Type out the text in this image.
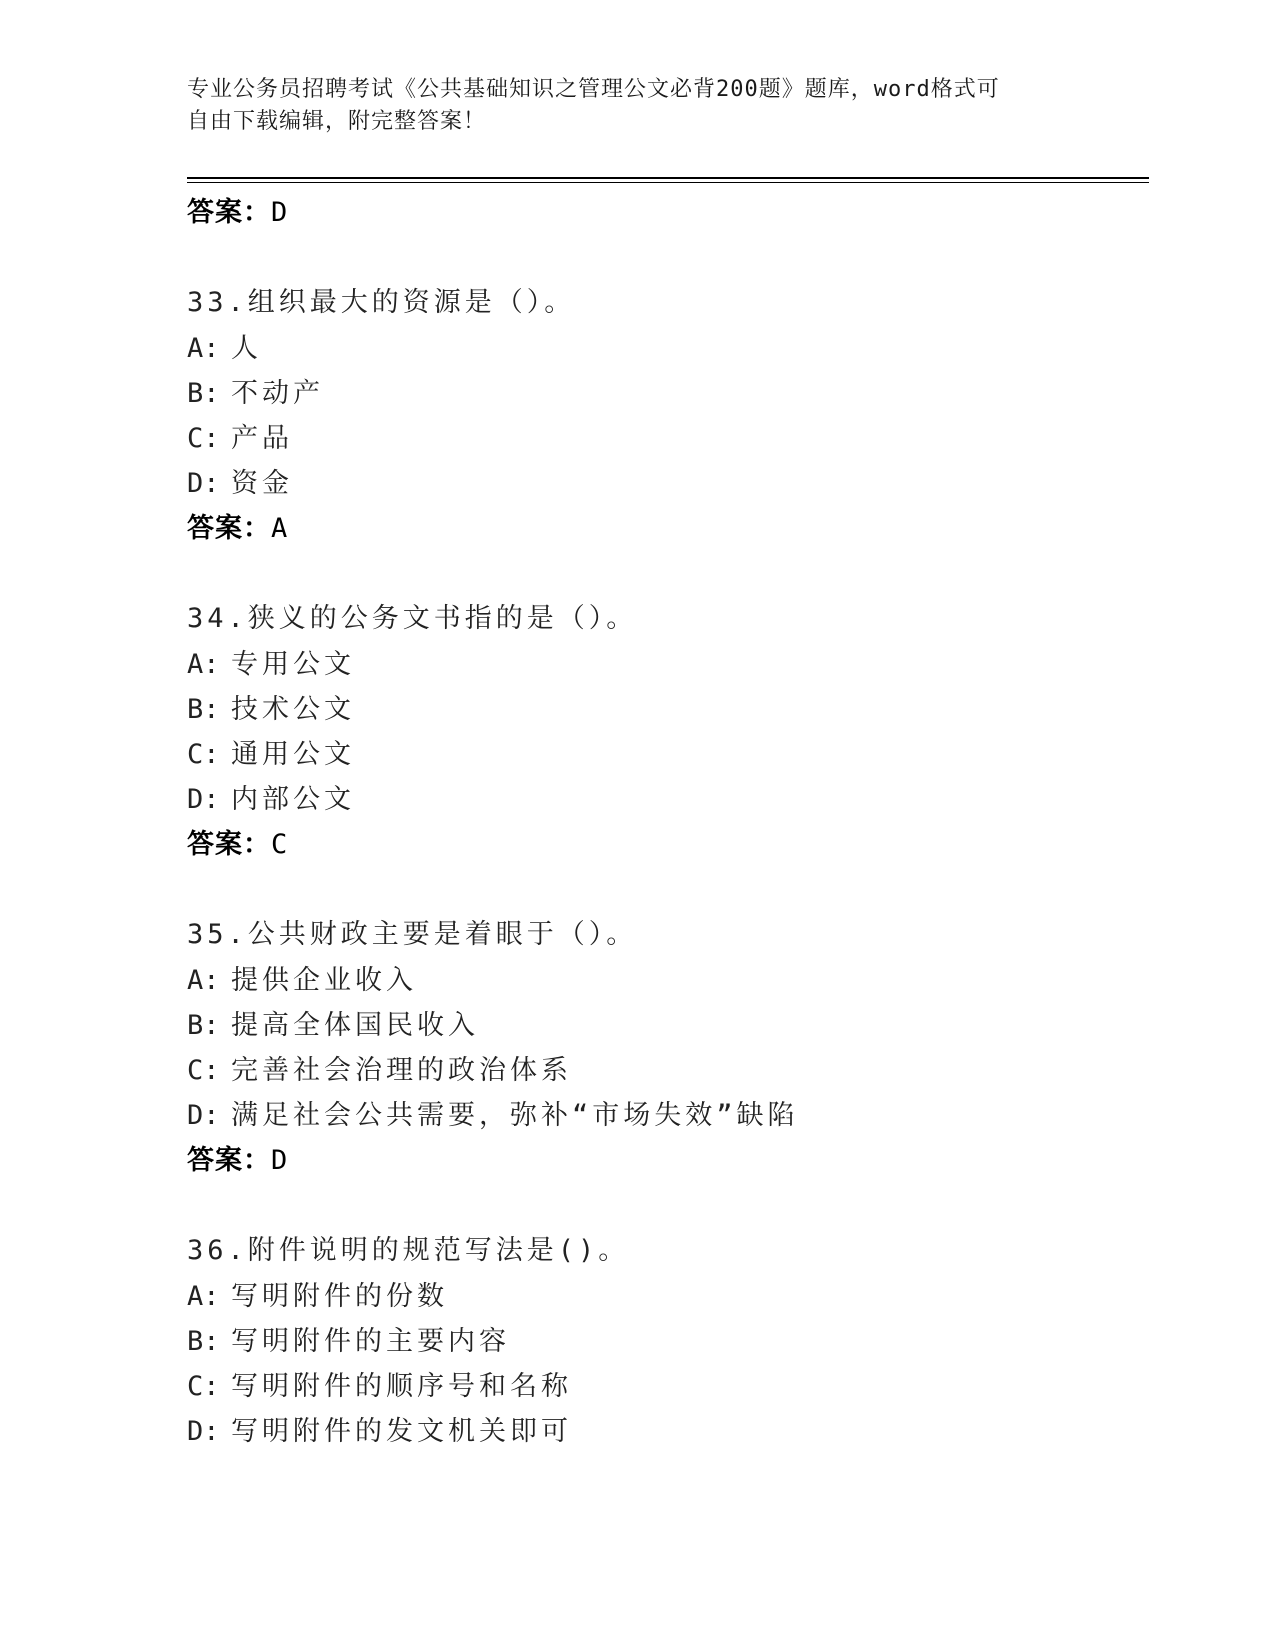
专业公务员招聘考试《公共基础知识之管理公文必背200题》题库，word格式可
自由下载编辑，附完整答案！
答案：D
33.组织最大的资源是（）。
A: 人
B: 不动产
C: 产品
D: 资金
答案：A
34.狭义的公务文书指的是（）。
A: 专用公文
B: 技术公文
C: 通用公文
D: 内部公文
答案：C
35.公共财政主要是着眼于（）。
A: 提供企业收入
B: 提高全体国民收入
C: 完善社会治理的政治体系
D: 满足社会公共需要，弥补“市场失效”缺陷
答案：D
36.附件说明的规范写法是()。
A: 写明附件的份数
B: 写明附件的主要内容
C: 写明附件的顺序号和名称
D: 写明附件的发文机关即可
